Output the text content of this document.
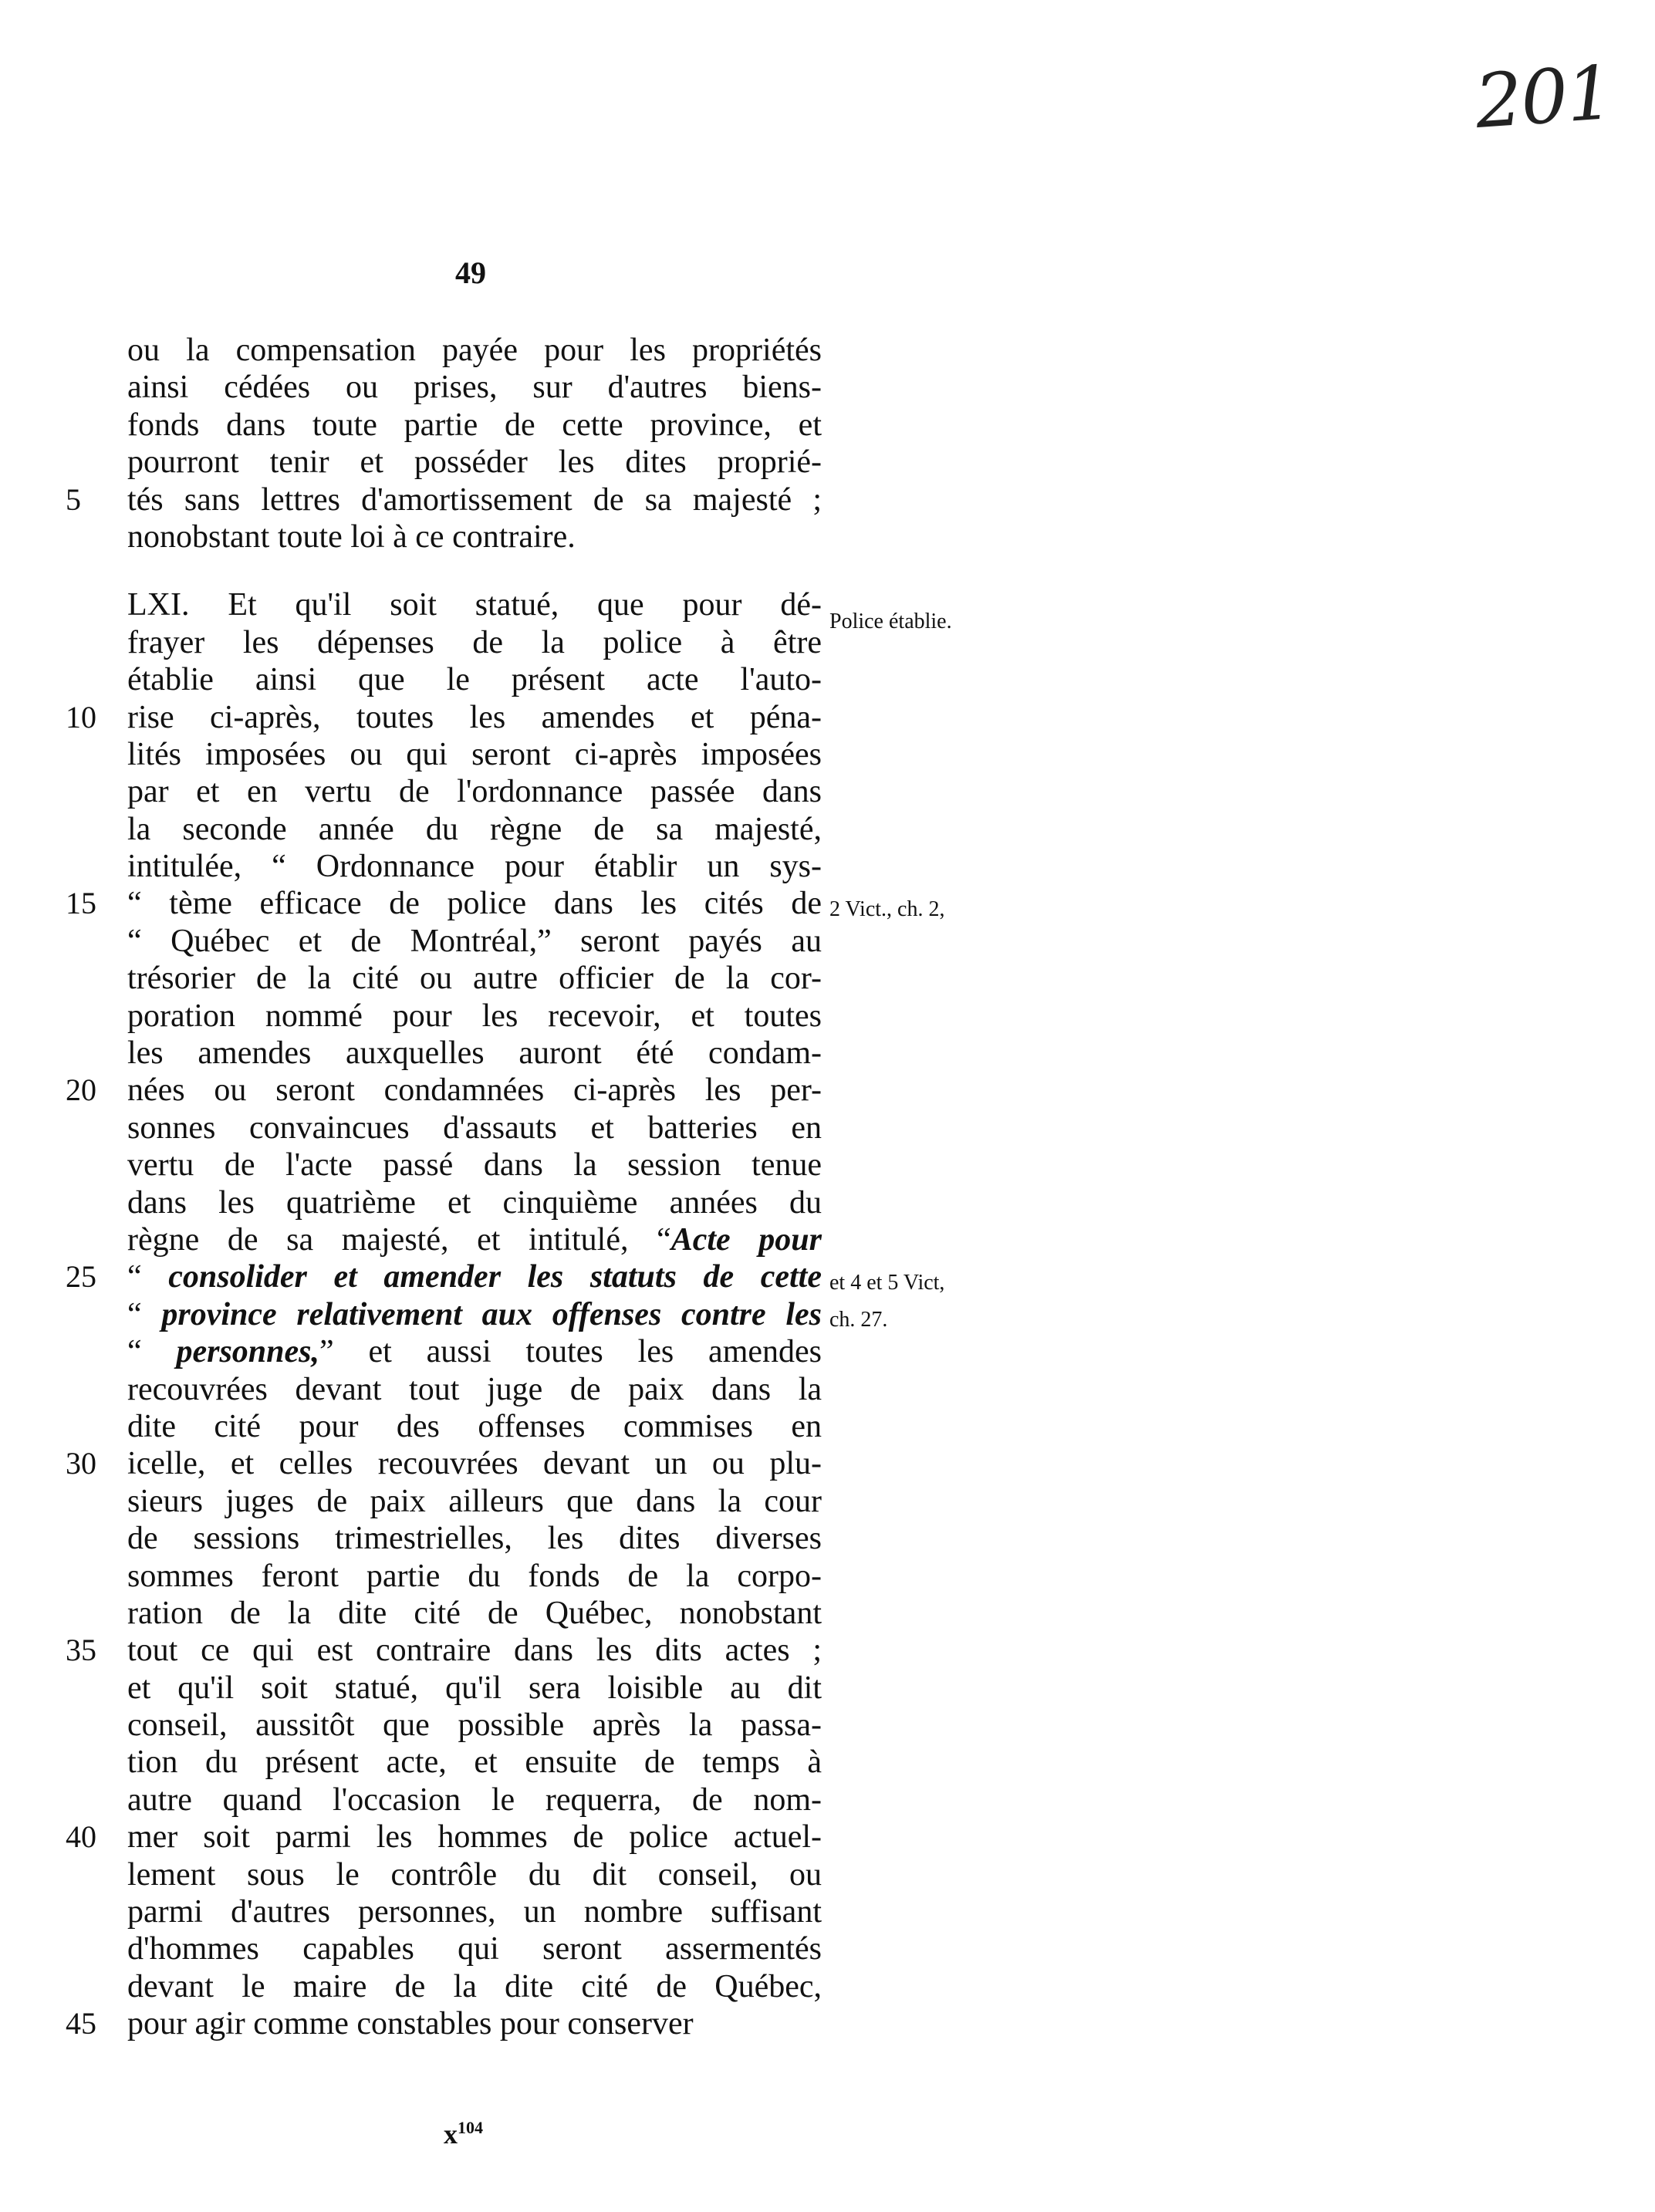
201
49
ou la compensation payée pour les propriétés
ainsi cédées ou prises, sur d'autres biens-
fonds dans toute partie de cette province, et
pourront tenir et posséder les dites proprié-
5	tés sans lettres d'amortissement de sa majesté ;
nonobstant toute loi à ce contraire.
LXI. Et qu'il soit statué, que pour dé-
frayer les dépenses de la police à être
établie ainsi que le présent acte l'auto-
10 rise ci-après, toutes les amendes et péna-
lités imposées ou qui seront ci-après imposées
par et en vertu de l'ordonnance passée dans
la seconde année du règne de sa majesté,
intitulée, “ Ordonnance pour établir un sys-
15 “ tème efficace de police dans les cités de
“ Québec et de Montréal,” seront payés au
trésorier de la cité ou autre officier de la cor-
poration nommé pour les recevoir, et toutes
les amendes auxquelles auront été condam-
20 nées ou seront condamnées ci-après les per-
sonnes convaincues d'assauts et batteries en
vertu de l'acte passé dans la session tenue
dans les quatrième et cinquième années du
règne de sa majesté, et intitulé, “Acte pour
25 “ consolider et amender les statuts de cette
“ province relativement aux offenses contre les
“ personnes,” et aussi toutes les amendes
recouvrées devant tout juge de paix dans la
dite cité pour des offenses commises en
30 icelle, et celles recouvrées devant un ou plu-
sieurs juges de paix ailleurs que dans la cour
de sessions trimestrielles, les dites diverses
sommes feront partie du fonds de la corpo-
ration de la dite cité de Québec, nonobstant
35 tout ce qui est contraire dans les dits actes ;
et qu'il soit statué, qu'il sera loisible au dit
conseil, aussitôt que possible après la passa-
tion du présent acte, et ensuite de temps à
autre quand l'occasion le requerra, de nom-
40 mer soit parmi les hommes de police actuel-
lement sous le contrôle du dit conseil, ou
parmi d'autres personnes, un nombre suffisant
d'hommes capables qui seront assermentés
devant le maire de la dite cité de Québec,
45 pour agir comme constables pour conserver
Police établie.
2 Vict., ch. 2,
et 4 et 5 Vict,
ch. 27.
$x^{104}$
